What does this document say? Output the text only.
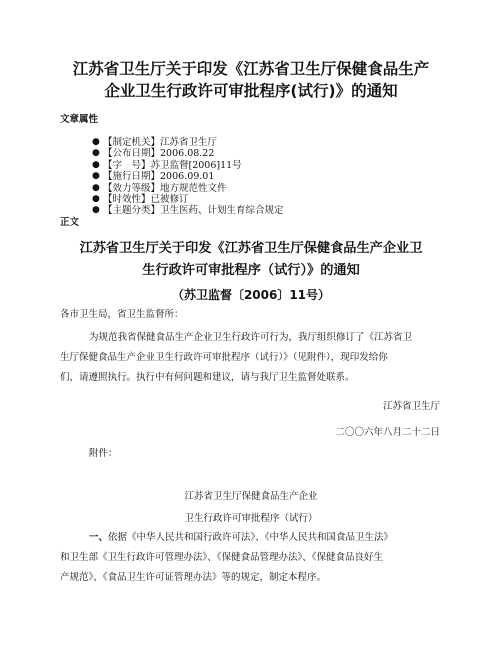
江苏省卫生厅关于印发《江苏省卫生厅保健食品生产
企业卫生行政许可审批程序(试行)》的通知
文章属性
● 【制定机关】江苏省卫生厅
● 【公布日期】2006.08.22
● 【字　号】苏卫监督[2006]11号
● 【施行日期】2006.09.01
● 【效力等级】地方规范性文件
● 【时效性】已被修订
● 【主题分类】卫生医药、计划生育综合规定
正文
江苏省卫生厅关于印发《江苏省卫生厅保健食品生产企业卫
生行政许可审批程序（试行）》的通知
（苏卫监督〔2006〕11号）
各市卫生局，省卫生监督所：
为规范我省保健食品生产企业卫生行政许可行为，我厅组织修订了《江苏省卫
生厅保健食品生产企业卫生行政许可审批程序（试行）》（见附件），现印发给你
们，请遵照执行。执行中有何问题和建议，请与我厅卫生监督处联系。
江苏省卫生厅
二〇〇六年八月二十二日
附件：
江苏省卫生厅保健食品生产企业
卫生行政许可审批程序（试行）
一、依据《中华人民共和国行政许可法》、《中华人民共和国食品卫生法》
和卫生部《卫生行政许可管理办法》、《保健食品管理办法》、《保健食品良好生
产规范》、《食品卫生许可证管理办法》等的规定，制定本程序。
